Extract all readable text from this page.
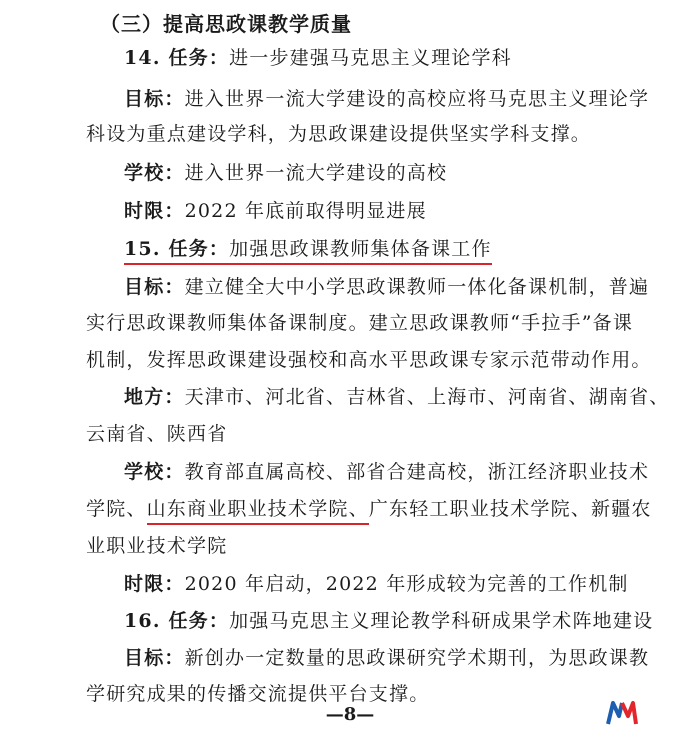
（三）提高思政课教学质量
14. 任务：进一步建强马克思主义理论学科
目标：进入世界一流大学建设的高校应将马克思主义理论学
科设为重点建设学科，为思政课建设提供坚实学科支撑。
学校：进入世界一流大学建设的高校
时限：2022 年底前取得明显进展
15. 任务：加强思政课教师集体备课工作
目标：建立健全大中小学思政课教师一体化备课机制，普遍
实行思政课教师集体备课制度。建立思政课教师“手拉手”备课
机制，发挥思政课建设强校和高水平思政课专家示范带动作用。
地方：天津市、河北省、吉林省、上海市、河南省、湖南省、
云南省、陕西省
学校：教育部直属高校、部省合建高校，浙江经济职业技术
学院、山东商业职业技术学院、广东轻工职业技术学院、新疆农
业职业技术学院
时限：2020 年启动，2022 年形成较为完善的工作机制
16. 任务：加强马克思主义理论教学科研成果学术阵地建设
目标：新创办一定数量的思政课研究学术期刊，为思政课教
学研究成果的传播交流提供平台支撑。
—8—
